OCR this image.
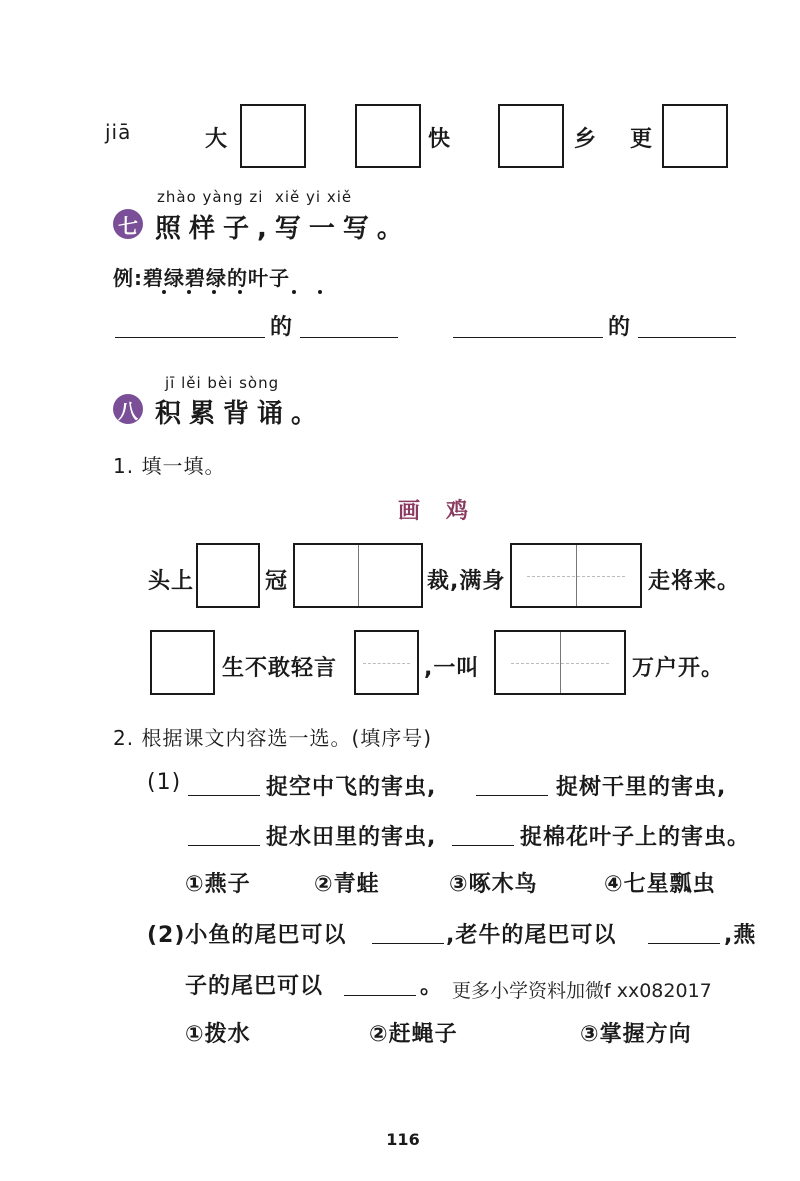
jiā	大	快	乡 更
zhào yàng zi  xiě yi xiě
七 照样子,写一写。
例:碧绿碧绿的叶子
的	的
jī lěi bèi sòng
八 积累背诵。
1. 填一填。
画　鸡
头上	冠	裁,满身	走将来。
生不敢轻言	,一叫	万户开。
2. 根据课文内容选一选。(填序号)
(1)	捉空中飞的害虫,	捉树干里的害虫,
捉水田里的害虫,	捉棉花叶子上的害虫。
①燕子	②青蛙	③啄木鸟	④七星瓢虫
(2)小鱼的尾巴可以	,老牛的尾巴可以	,燕
子的尾巴可以	。 更多小学资料加微f xx082017
①拨水	②赶蝇子	③掌握方向
116
